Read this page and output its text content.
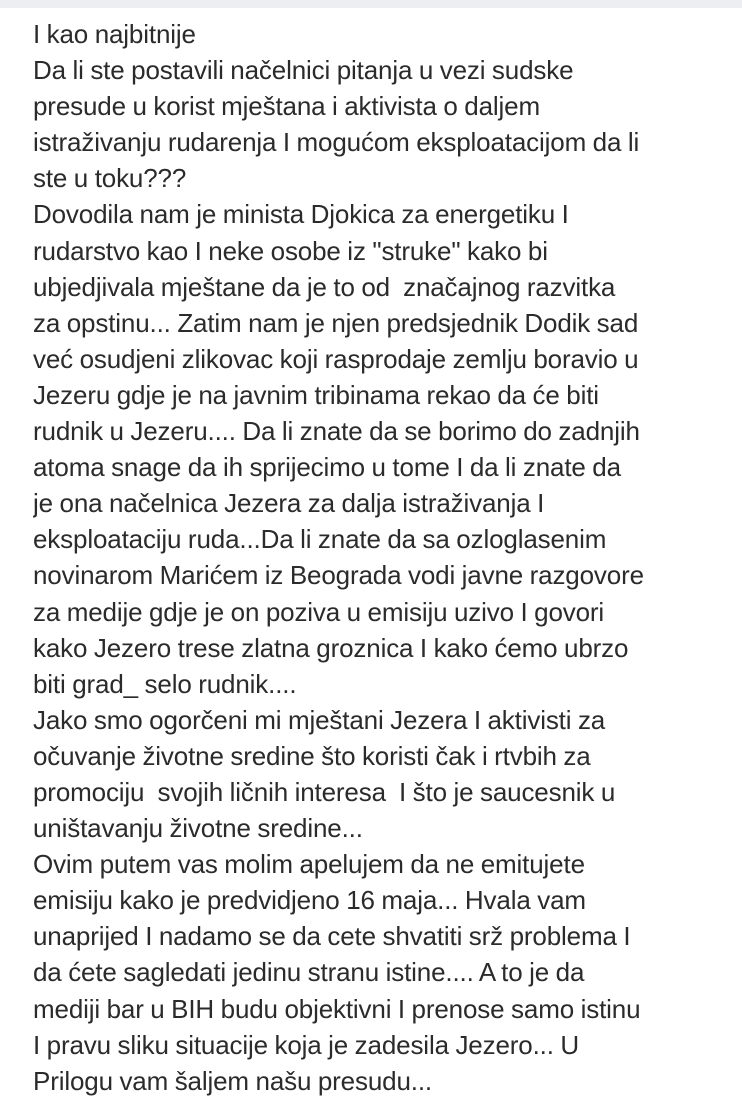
I kao najbitnije
Da li ste postavili načelnici pitanja u vezi sudske
presude u korist mještana i aktivista o daljem
istraživanju rudarenja I mogućom eksploatacijom da li
ste u toku???
Dovodila nam je minista Djokica za energetiku I
rudarstvo kao I neke osobe iz "struke" kako bi
ubjedjivala mještane da je to od  značajnog razvitka
za opstinu... Zatim nam je njen predsjednik Dodik sad
već osudjeni zlikovac koji rasprodaje zemlju boravio u
Jezeru gdje je na javnim tribinama rekao da će biti
rudnik u Jezeru.... Da li znate da se borimo do zadnjih
atoma snage da ih sprijecimo u tome I da li znate da
je ona načelnica Jezera za dalja istraživanja I
eksploataciju ruda...Da li znate da sa ozloglasenim
novinarom Marićem iz Beograda vodi javne razgovore
za medije gdje je on poziva u emisiju uzivo I govori
kako Jezero trese zlatna groznica I kako ćemo ubrzo
biti grad_ selo rudnik....
Jako smo ogorčeni mi mještani Jezera I aktivisti za
očuvanje životne sredine što koristi čak i rtvbih za
promociju  svojih ličnih interesa  I što je saucesnik u
uništavanju životne sredine...
Ovim putem vas molim apelujem da ne emitujete
emisiju kako je predvidjeno 16 maja... Hvala vam
unaprijed I nadamo se da cete shvatiti srž problema I
da ćete sagledati jedinu stranu istine.... A to je da
mediji bar u BIH budu objektivni I prenose samo istinu
I pravu sliku situacije koja je zadesila Jezero... U
Prilogu vam šaljem našu presudu...
